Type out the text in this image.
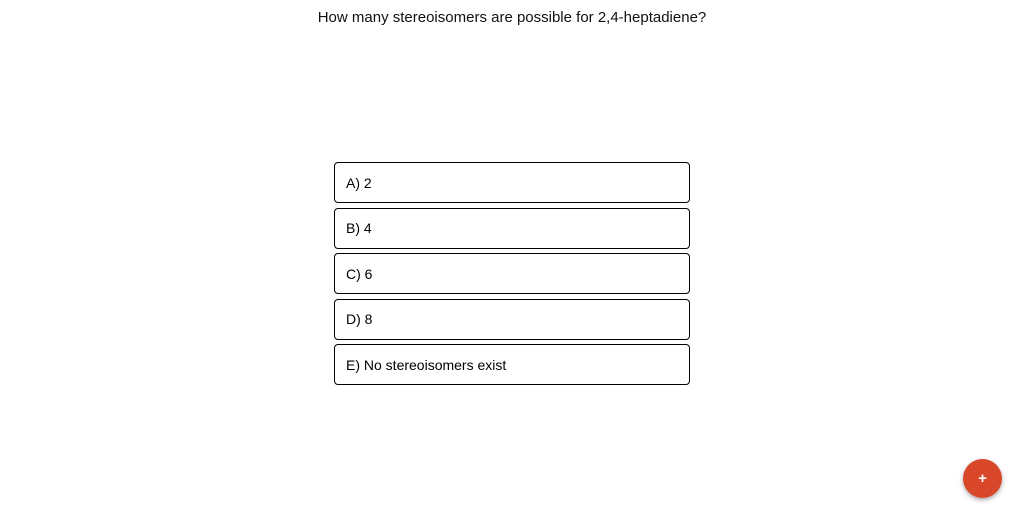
How many stereoisomers are possible for 2,4-heptadiene?
A) 2
B) 4
C) 6
D) 8
E) No stereoisomers exist
+
